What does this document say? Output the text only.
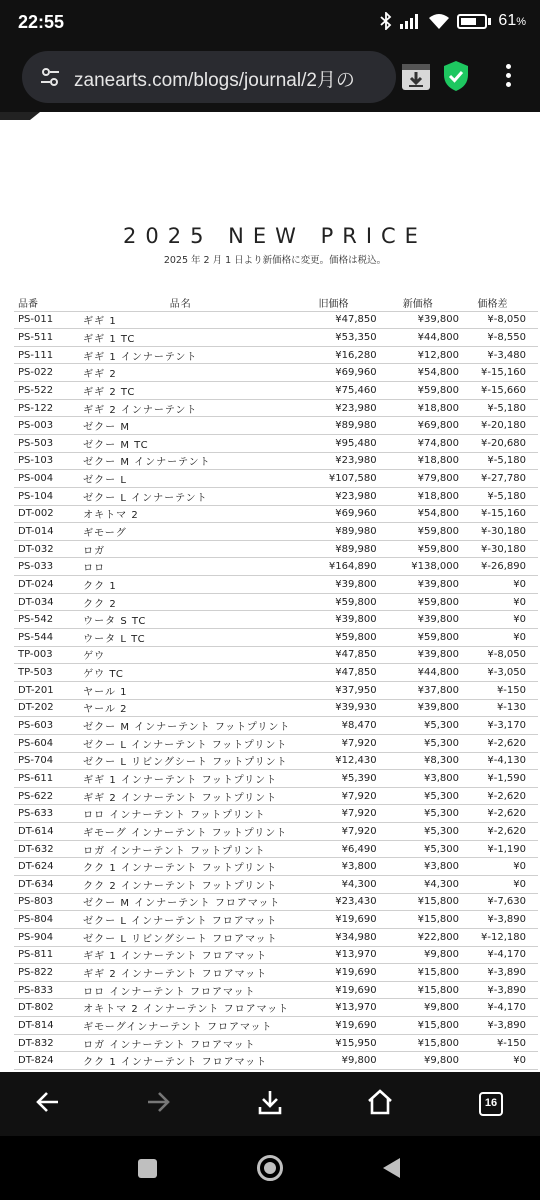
22:55	61%
zanearts.com/blogs/journal/2月の
2025 NEW PRICE
2025 年 2 月 1 日より新価格に変更。価格は税込。
品番	品名	旧価格	新価格	価格差
PS-011	ギギ 1	¥47,850	¥39,800	¥-8,050
PS-511	ギギ 1 TC	¥53,350	¥44,800	¥-8,550
PS-111	ギギ 1 インナーテント	¥16,280	¥12,800	¥-3,480
PS-022	ギギ 2	¥69,960	¥54,800	¥-15,160
PS-522	ギギ 2 TC	¥75,460	¥59,800	¥-15,660
PS-122	ギギ 2 インナーテント	¥23,980	¥18,800	¥-5,180
PS-003	ゼクー M	¥89,980	¥69,800	¥-20,180
PS-503	ゼクー M TC	¥95,480	¥74,800	¥-20,680
PS-103	ゼクー M インナーテント	¥23,980	¥18,800	¥-5,180
PS-004	ゼクー L	¥107,580	¥79,800	¥-27,780
PS-104	ゼクー L インナーテント	¥23,980	¥18,800	¥-5,180
DT-002	オキトマ 2	¥69,960	¥54,800	¥-15,160
DT-014	ギモーグ	¥89,980	¥59,800	¥-30,180
DT-032	ロガ	¥89,980	¥59,800	¥-30,180
PS-033	ロロ	¥164,890	¥138,000	¥-26,890
DT-024	クク 1	¥39,800	¥39,800	¥0
DT-034	クク 2	¥59,800	¥59,800	¥0
PS-542	ウータ S TC	¥39,800	¥39,800	¥0
PS-544	ウータ L TC	¥59,800	¥59,800	¥0
TP-003	ゲウ	¥47,850	¥39,800	¥-8,050
TP-503	ゲウ TC	¥47,850	¥44,800	¥-3,050
DT-201	ヤール 1	¥37,950	¥37,800	¥-150
DT-202	ヤール 2	¥39,930	¥39,800	¥-130
PS-603	ゼクー M インナーテント フットプリント	¥8,470	¥5,300	¥-3,170
PS-604	ゼクー L インナーテント フットプリント	¥7,920	¥5,300	¥-2,620
PS-704	ゼクー L リビングシート フットプリント	¥12,430	¥8,300	¥-4,130
PS-611	ギギ 1 インナーテント フットプリント	¥5,390	¥3,800	¥-1,590
PS-622	ギギ 2 インナーテント フットプリント	¥7,920	¥5,300	¥-2,620
PS-633	ロロ インナーテント フットプリント	¥7,920	¥5,300	¥-2,620
DT-614	ギモーグ インナーテント フットプリント	¥7,920	¥5,300	¥-2,620
DT-632	ロガ インナーテント フットプリント	¥6,490	¥5,300	¥-1,190
DT-624	クク 1 インナーテント フットプリント	¥3,800	¥3,800	¥0
DT-634	クク 2 インナーテント フットプリント	¥4,300	¥4,300	¥0
PS-803	ゼクー M インナーテント フロアマット	¥23,430	¥15,800	¥-7,630
PS-804	ゼクー L インナーテント フロアマット	¥19,690	¥15,800	¥-3,890
PS-904	ゼクー L リビングシート フロアマット	¥34,980	¥22,800	¥-12,180
PS-811	ギギ 1 インナーテント フロアマット	¥13,970	¥9,800	¥-4,170
PS-822	ギギ 2 インナーテント フロアマット	¥19,690	¥15,800	¥-3,890
PS-833	ロロ インナーテント フロアマット	¥19,690	¥15,800	¥-3,890
DT-802	オキトマ 2 インナーテント フロアマット	¥13,970	¥9,800	¥-4,170
DT-814	ギモーグインナーテント フロアマット	¥19,690	¥15,800	¥-3,890
DT-832	ロガ インナーテント フロアマット	¥15,950	¥15,800	¥-150
DT-824	クク 1 インナーテント フロアマット	¥9,800	¥9,800	¥0
16
